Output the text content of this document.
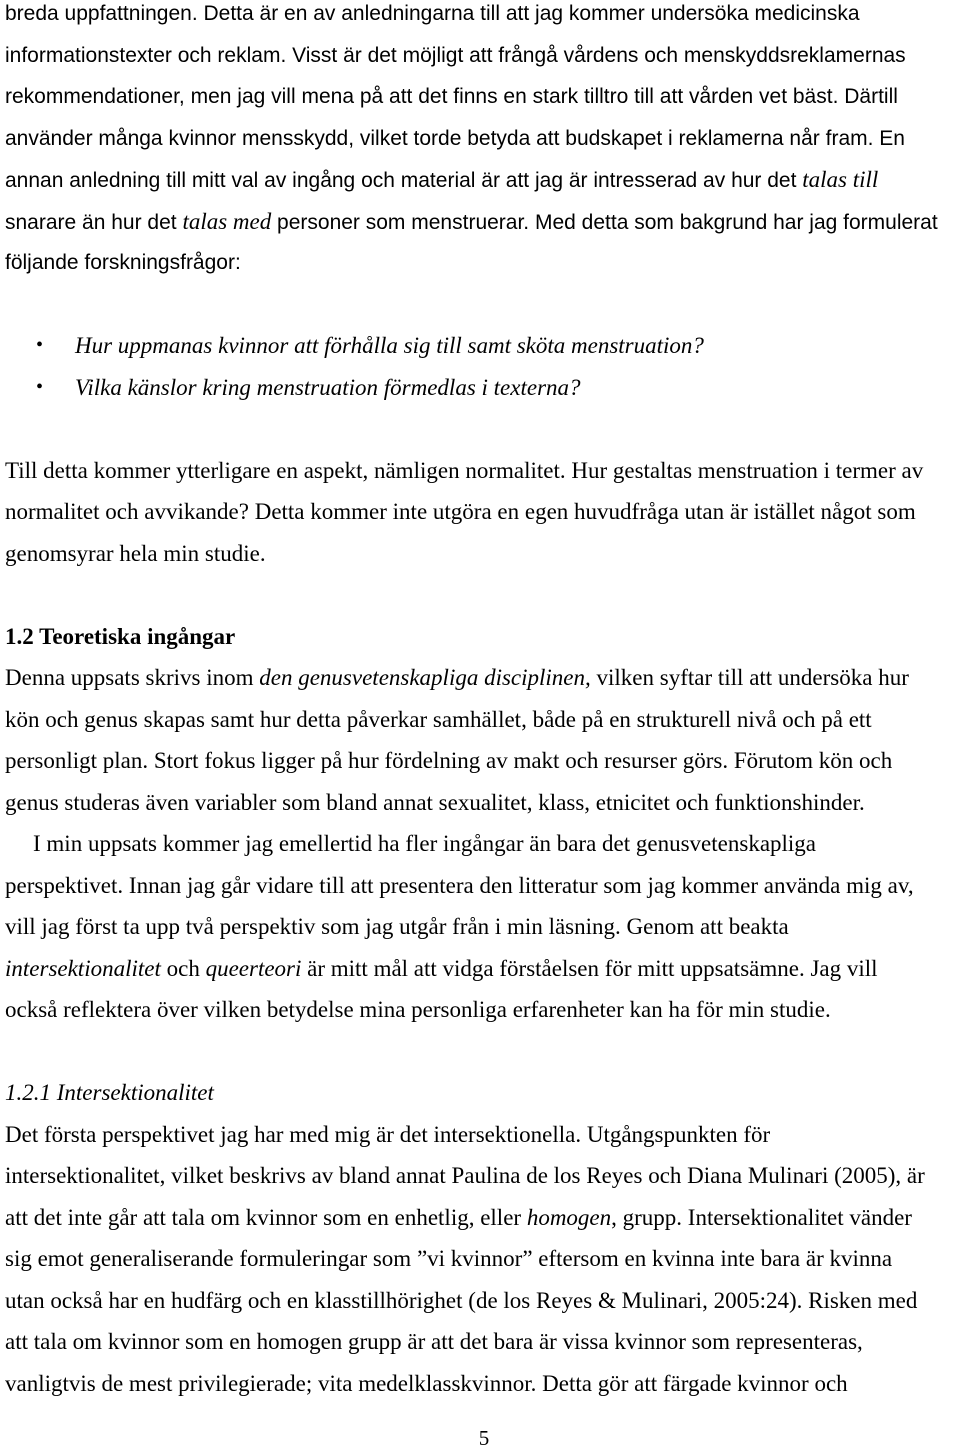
breda uppfattningen. Detta är en av anledningarna till att jag kommer undersöka medicinska
informationstexter och reklam. Visst är det möjligt att frångå vårdens och menskyddsreklamernas
rekommendationer, men jag vill mena på att det finns en stark tilltro till att vården vet bäst. Därtill
använder många kvinnor mensskydd, vilket torde betyda att budskapet i reklamerna når fram. En
annan anledning till mitt val av ingång och material är att jag är intresserad av hur det talas till
snarare än hur det talas med personer som menstruerar. Med detta som bakgrund har jag formulerat
följande forskningsfrågor:
• Hur uppmanas kvinnor att förhålla sig till samt sköta menstruation?
• Vilka känslor kring menstruation förmedlas i texterna?
Till detta kommer ytterligare en aspekt, nämligen normalitet. Hur gestaltas menstruation i termer av
normalitet och avvikande? Detta kommer inte utgöra en egen huvudfråga utan är istället något som
genomsyrar hela min studie.
1.2 Teoretiska ingångar
Denna uppsats skrivs inom den genusvetenskapliga disciplinen, vilken syftar till att undersöka hur
kön och genus skapas samt hur detta påverkar samhället, både på en strukturell nivå och på ett
personligt plan. Stort fokus ligger på hur fördelning av makt och resurser görs. Förutom kön och
genus studeras även variabler som bland annat sexualitet, klass, etnicitet och funktionshinder.
I min uppsats kommer jag emellertid ha fler ingångar än bara det genusvetenskapliga
perspektivet. Innan jag går vidare till att presentera den litteratur som jag kommer använda mig av,
vill jag först ta upp två perspektiv som jag utgår från i min läsning. Genom att beakta
intersektionalitet och queerteori är mitt mål att vidga förståelsen för mitt uppsatsämne. Jag vill
också reflektera över vilken betydelse mina personliga erfarenheter kan ha för min studie.
1.2.1 Intersektionalitet
Det första perspektivet jag har med mig är det intersektionella. Utgångspunkten för
intersektionalitet, vilket beskrivs av bland annat Paulina de los Reyes och Diana Mulinari (2005), är
att det inte går att tala om kvinnor som en enhetlig, eller homogen, grupp. Intersektionalitet vänder
sig emot generaliserande formuleringar som ”vi kvinnor” eftersom en kvinna inte bara är kvinna
utan också har en hudfärg och en klasstillhörighet (de los Reyes & Mulinari, 2005:24). Risken med
att tala om kvinnor som en homogen grupp är att det bara är vissa kvinnor som representeras,
vanligtvis de mest privilegierade; vita medelklasskvinnor. Detta gör att färgade kvinnor och
5
